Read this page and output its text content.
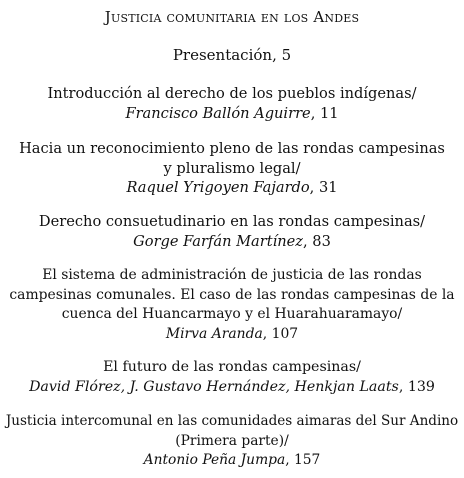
Justicia comunitaria en los Andes
Presentación, 5
Introducción al derecho de los pueblos indígenas/
Francisco Ballón Aguirre, 11
Hacia un reconocimiento pleno de las rondas campesinas
y pluralismo legal/
Raquel Yrigoyen Fajardo, 31
Derecho consuetudinario en las rondas campesinas/
Gorge Farfán Martínez, 83
El sistema de administración de justicia de las rondas
campesinas comunales. El caso de las rondas campesinas de la
cuenca del Huancarmayo y el Huarahuaramayo/
Mirva Aranda, 107
El futuro de las rondas campesinas/
David Flórez, J. Gustavo Hernández, Henkjan Laats, 139
Justicia intercomunal en las comunidades aimaras del Sur Andino
(Primera parte)/
Antonio Peña Jumpa, 157
